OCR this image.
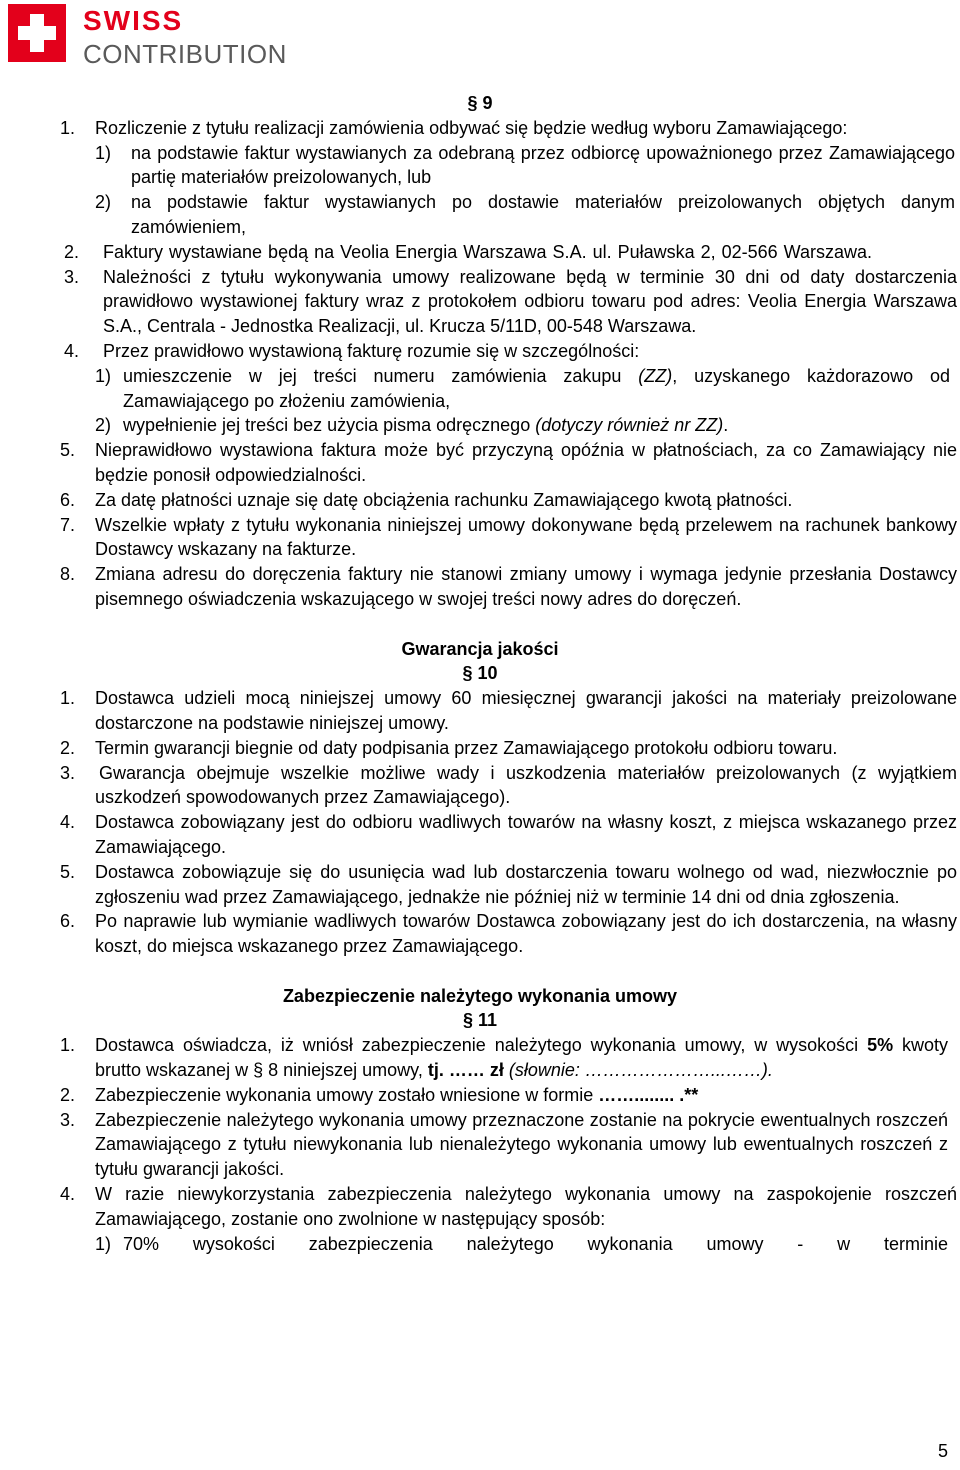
SWISS
CONTRIBUTION
§ 9
1.	Rozliczenie z tytułu realizacji zamówienia odbywać się będzie według wyboru Zamawiającego:
1)	na podstawie faktur wystawianych za odebraną przez odbiorcę upoważnionego przez Zamawiającego partię materiałów preizolowanych, lub
2)	na podstawie faktur wystawianych po dostawie materiałów preizolowanych objętych danym zamówieniem,
2.	Faktury wystawiane będą na Veolia Energia Warszawa S.A. ul. Puławska 2, 02-566 Warszawa.
3.	Należności z tytułu wykonywania umowy realizowane będą w terminie 30 dni od daty dostarczenia prawidłowo wystawionej faktury wraz z protokołem odbioru towaru pod adres: Veolia Energia Warszawa S.A., Centrala - Jednostka Realizacji, ul. Krucza 5/11D, 00-548 Warszawa.
4.	Przez prawidłowo wystawioną fakturę rozumie się w szczególności:
1) umieszczenie w jej treści numeru zamówienia zakupu (ZZ), uzyskanego każdorazowo od Zamawiającego po złożeniu zamówienia,
2) wypełnienie jej treści bez użycia pisma odręcznego (dotyczy również nr ZZ).
5.	Nieprawidłowo wystawiona faktura może być przyczyną opóźnia w płatnościach, za co Zamawiający nie będzie ponosił odpowiedzialności.
6.	Za datę płatności uznaje się datę obciążenia rachunku Zamawiającego kwotą płatności.
7.	Wszelkie wpłaty z tytułu wykonania niniejszej umowy dokonywane będą przelewem na rachunek bankowy Dostawcy wskazany na fakturze.
8.	Zmiana adresu do doręczenia faktury nie stanowi zmiany umowy i wymaga jedynie przesłania Dostawcy pisemnego oświadczenia wskazującego w swojej treści nowy adres do doręczeń.
Gwarancja jakości
§ 10
1.	Dostawca udzieli mocą niniejszej umowy 60 miesięcznej gwarancji jakości na materiały preizolowane dostarczone na podstawie niniejszej umowy.
2.	Termin gwarancji biegnie od daty podpisania przez Zamawiającego protokołu odbioru towaru.
3.	Gwarancja obejmuje wszelkie możliwe wady i uszkodzenia materiałów preizolowanych (z wyjątkiem uszkodzeń spowodowanych przez Zamawiającego).
4.	Dostawca zobowiązany jest do odbioru wadliwych towarów na własny koszt, z miejsca wskazanego przez Zamawiającego.
5.	Dostawca zobowiązuje się do usunięcia wad lub dostarczenia towaru wolnego od wad, niezwłocznie po zgłoszeniu wad przez Zamawiającego, jednakże nie później niż w terminie 14 dni od dnia zgłoszenia.
6.	Po naprawie lub wymianie wadliwych towarów Dostawca zobowiązany jest do ich dostarczenia, na własny koszt, do miejsca wskazanego przez Zamawiającego.
Zabezpieczenie należytego wykonania umowy
§ 11
1.	Dostawca oświadcza, iż wniósł zabezpieczenie należytego wykonania umowy, w wysokości 5% kwoty brutto wskazanej w § 8 niniejszej umowy, tj. …… zł (słownie: …………………...……).
2.	Zabezpieczenie wykonania umowy zostało wniesione w formie ……........ .**
3.	Zabezpieczenie należytego wykonania umowy przeznaczone zostanie na pokrycie ewentualnych roszczeń Zamawiającego z tytułu niewykonania lub nienależytego wykonania umowy lub ewentualnych roszczeń z tytułu gwarancji jakości.
4.	W razie niewykorzystania zabezpieczenia należytego wykonania umowy na zaspokojenie roszczeń Zamawiającego, zostanie ono zwolnione w następujący sposób:
1) 70% wysokości zabezpieczenia należytego wykonania umowy - w terminie
5
